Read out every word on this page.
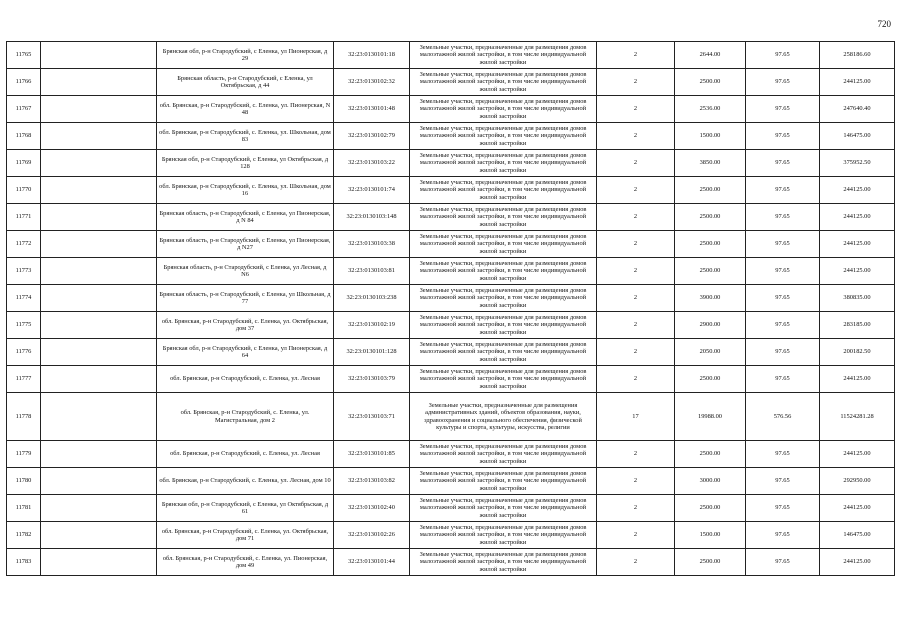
720
11765		Брянская обл, р-н Стародубский, с Еленка, ул Пионерская, д 29	32:23:0130101:18	Земельные участки, предназначенные для размещения домов малоэтажной жилой застройки, в том числе индивидуальной жилой застройки	2	2644.00	97.65	258186.60
11766		Брянская область, р-н Стародубский, с Еленка, ул Октябрьская, д 44	32:23:0130102:32	Земельные участки, предназначенные для размещения домов малоэтажной жилой застройки, в том числе индивидуальной жилой застройки	2	2500.00	97.65	244125.00
11767		обл. Брянская, р-н Стародубский, с. Еленка, ул. Пионерская, N 48	32:23:0130101:48	Земельные участки, предназначенные для размещения домов малоэтажной жилой застройки, в том числе индивидуальной жилой застройки	2	2536.00	97.65	247640.40
11768		обл. Брянская, р-н Стародубский, с. Еленка, ул. Школьная, дом 83	32:23:0130102:79	Земельные участки, предназначенные для размещения домов малоэтажной жилой застройки, в том числе индивидуальной жилой застройки	2	1500.00	97.65	146475.00
11769		Брянская обл, р-н Стародубский, с Еленка, ул Октябрьская, д 128	32:23:0130103:22	Земельные участки, предназначенные для размещения домов малоэтажной жилой застройки, в том числе индивидуальной жилой застройки	2	3850.00	97.65	375952.50
11770		обл. Брянская, р-н Стародубский, с. Еленка, ул. Школьная, дом 16	32:23:0130101:74	Земельные участки, предназначенные для размещения домов малоэтажной жилой застройки, в том числе индивидуальной жилой застройки	2	2500.00	97.65	244125.00
11771		Брянская область, р-н Стародубский, с Еленка, ул Пионерская, д N 84	32:23:0130103:148	Земельные участки, предназначенные для размещения домов малоэтажной жилой застройки, в том числе индивидуальной жилой застройки	2	2500.00	97.65	244125.00
11772		Брянская область, р-н Стародубский, с Еленка, ул Пионерская, д N27	32:23:0130103:38	Земельные участки, предназначенные для размещения домов малоэтажной жилой застройки, в том числе индивидуальной жилой застройки	2	2500.00	97.65	244125.00
11773		Брянская область, р-н Стародубский, с Еленка, ул Лесная, д N6	32:23:0130103:81	Земельные участки, предназначенные для размещения домов малоэтажной жилой застройки, в том числе индивидуальной жилой застройки	2	2500.00	97.65	244125.00
11774		Брянская область, р-н Стародубский, с Еленка, ул Школьная, д 77	32:23:0130103:238	Земельные участки, предназначенные для размещения домов малоэтажной жилой застройки, в том числе индивидуальной жилой застройки	2	3900.00	97.65	380835.00
11775		обл. Брянская, р-н Стародубский, с. Еленка, ул. Октябрьская, дом 37	32:23:0130102:19	Земельные участки, предназначенные для размещения домов малоэтажной жилой застройки, в том числе индивидуальной жилой застройки	2	2900.00	97.65	283185.00
11776		Брянская обл, р-н Стародубский, с Еленка, ул Пионерская, д 64	32:23:0130101:128	Земельные участки, предназначенные для размещения домов малоэтажной жилой застройки, в том числе индивидуальной жилой застройки	2	2050.00	97.65	200182.50
11777		обл. Брянская, р-н Стародубский, с. Еленка, ул. Лесная	32:23:0130103:79	Земельные участки, предназначенные для размещения домов малоэтажной жилой застройки, в том числе индивидуальной жилой застройки	2	2500.00	97.65	244125.00
11778		обл. Брянская, р-н Стародубский, с. Еленка, ул. Магистральная, дом 2	32:23:0130103:71	Земельные участки, предназначенные для размещения административных зданий, объектов образования, науки, здравоохранения и социального обеспечения, физической культуры и спорта, культуры, искусства, религии	17	19988.00	576.56	11524281.28
11779		обл. Брянская, р-н Стародубский, с. Еленка, ул. Лесная	32:23:0130101:85	Земельные участки, предназначенные для размещения домов малоэтажной жилой застройки, в том числе индивидуальной жилой застройки	2	2500.00	97.65	244125.00
11780		обл. Брянская, р-н Стародубский, с. Еленка, ул. Лесная, дом 10	32:23:0130103:82	Земельные участки, предназначенные для размещения домов малоэтажной жилой застройки, в том числе индивидуальной жилой застройки	2	3000.00	97.65	292950.00
11781		Брянская обл, р-н Стародубский, с Еленка, ул Октябрьская, д 61	32:23:0130102:40	Земельные участки, предназначенные для размещения домов малоэтажной жилой застройки, в том числе индивидуальной жилой застройки	2	2500.00	97.65	244125.00
11782		обл. Брянская, р-н Стародубский, с. Еленка, ул. Октябрьская, дом 71	32:23:0130102:26	Земельные участки, предназначенные для размещения домов малоэтажной жилой застройки, в том числе индивидуальной жилой застройки	2	1500.00	97.65	146475.00
11783		обл. Брянская, р-н Стародубский, с. Еленка, ул. Пионерская, дом 49	32:23:0130101:44	Земельные участки, предназначенные для размещения домов малоэтажной жилой застройки, в том числе индивидуальной жилой застройки	2	2500.00	97.65	244125.00
